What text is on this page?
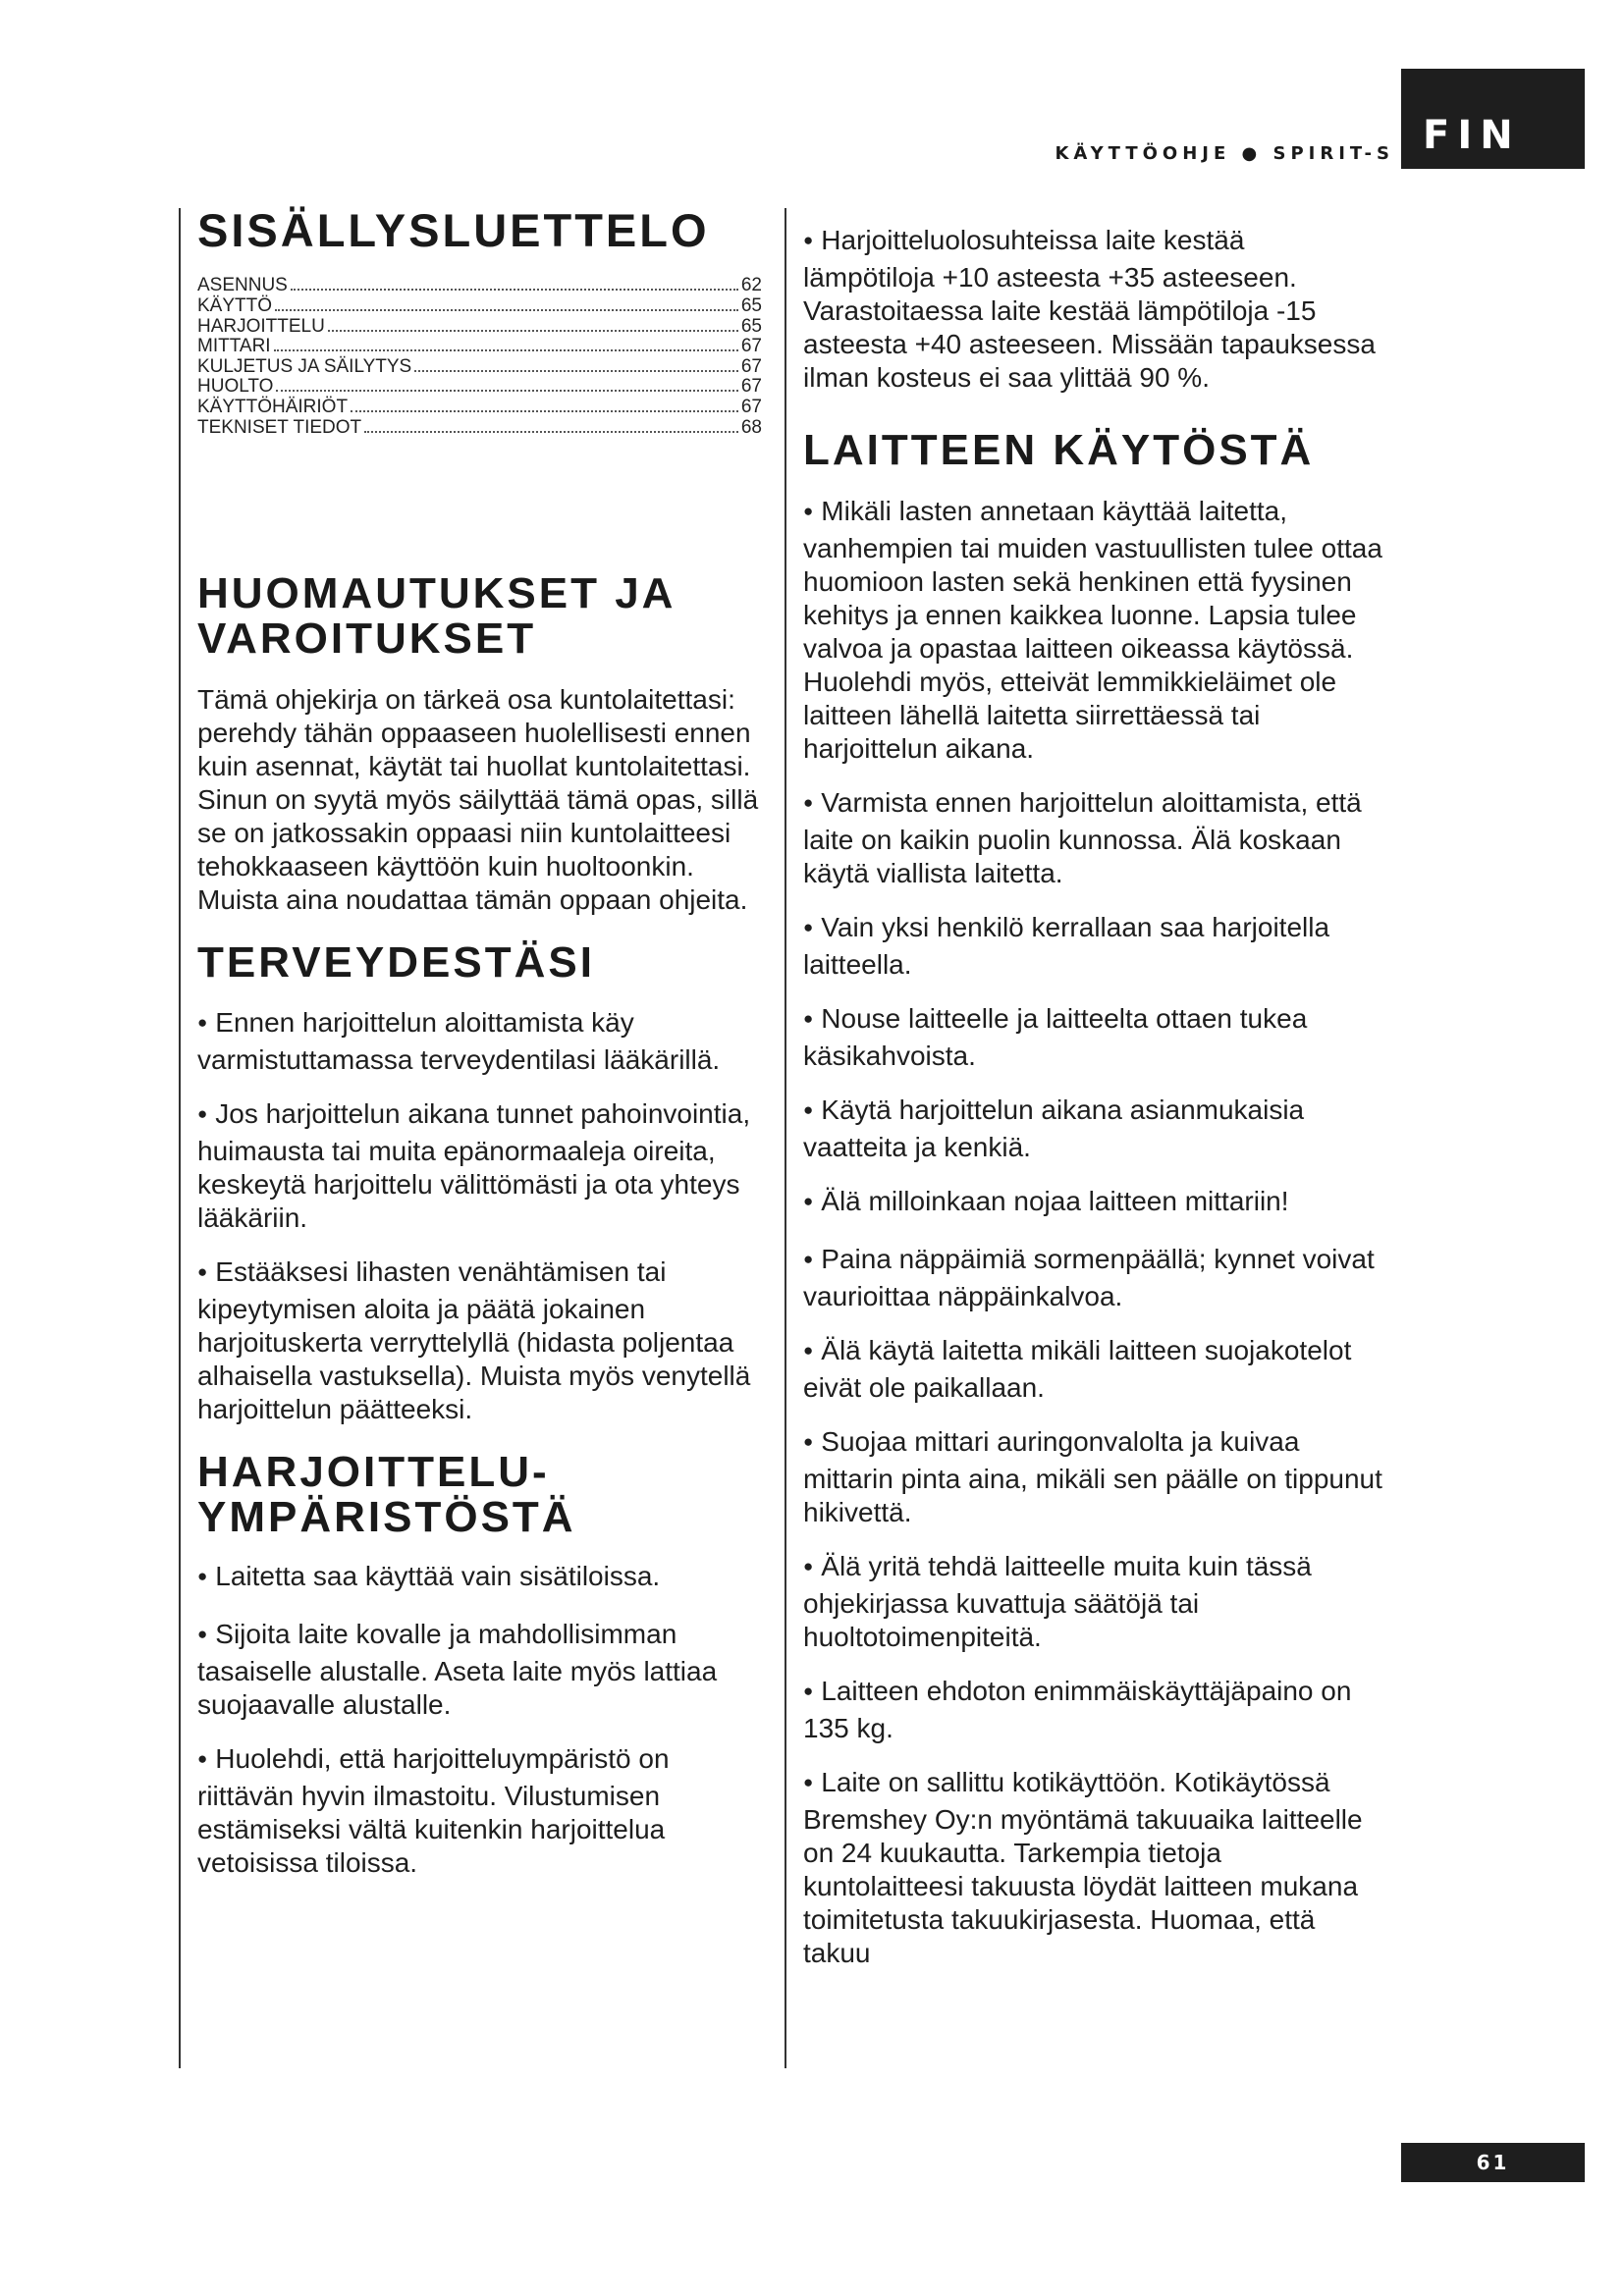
KÄYTTÖOHJE ● SPIRIT-S FIN
SISÄLLYSLUETTELO
ASENNUS	62
KÄYTTÖ	65
HARJOITTELU	65
MITTARI	67
KULJETUS JA SÄILYTYS	67
HUOLTO	67
KÄYTTÖHÄIRIÖT	67
TEKNISET TIEDOT	68
HUOMAUTUKSET JA
VAROITUKSET

Tämä ohjekirja on tärkeä osa kuntolaitettasi: perehdy tähän oppaaseen huolellisesti ennen kuin asennat, käytät tai huollat kuntolaitettasi. Sinun on syytä myös säilyttää tämä opas, sillä se on jatkossakin oppaasi niin kuntolaitteesi tehokkaaseen käyttöön kuin huoltoonkin. Muista aina noudattaa tämän oppaan ohjeita.

TERVEYDESTÄSI
● Ennen harjoittelun aloittamista käy varmistuttamassa terveydentilasi lääkärillä.
● Jos harjoittelun aikana tunnet pahoinvointia, huimausta tai muita epänormaaleja oireita, keskeytä harjoittelu välittömästi ja ota yhteys lääkäriin.
● Estääksesi lihasten venähtämisen tai kipeytymisen aloita ja päätä jokainen harjoituskerta verryttelyllä (hidasta poljentaa alhaisella vastuksella). Muista myös venytellä harjoittelun päätteeksi.
HARJOITTELU-
YMPÄRISTÖSTÄ
● Laitetta saa käyttää vain sisätiloissa.
● Sijoita laite kovalle ja mahdollisimman tasaiselle alustalle. Aseta laite myös lattiaa suojaavalle alustalle.
● Huolehdi, että harjoitteluympäristö on riittävän hyvin ilmastoitu. Vilustumisen estämiseksi vältä kuitenkin harjoittelua vetoisissa tiloissa.
● Harjoitteluolosuhteissa laite kestää lämpötiloja +10 asteesta +35 asteeseen. Varastoitaessa laite kestää lämpötiloja -15 asteesta +40 asteeseen. Missään tapauksessa ilman kosteus ei saa ylittää 90 %.
LAITTEEN KÄYTÖSTÄ
● Mikäli lasten annetaan käyttää laitetta, vanhempien tai muiden vastuullisten tulee ottaa huomioon lasten sekä henkinen että fyysinen kehitys ja ennen kaikkea luonne. Lapsia tulee valvoa ja opastaa laitteen oikeassa käytössä. Huolehdi myös, etteivät lemmikkieläimet ole laitteen lähellä laitetta siirrettäessä tai harjoittelun aikana.
● Varmista ennen harjoittelun aloittamista, että laite on kaikin puolin kunnossa. Älä koskaan käytä viallista laitetta.
● Vain yksi henkilö kerrallaan saa harjoitella laitteella.
● Nouse laitteelle ja laitteelta ottaen tukea käsikahvoista.
● Käytä harjoittelun aikana asianmukaisia vaatteita ja kenkiä.
● Älä milloinkaan nojaa laitteen mittariin!
● Paina näppäimiä sormenpäällä; kynnet voivat vaurioittaa näppäinkalvoa.
● Älä käytä laitetta mikäli laitteen suojakotelot eivät ole paikallaan.
● Suojaa mittari auringonvalolta ja kuivaa mittarin pinta aina, mikäli sen päälle on tippunut hikivettä.
● Älä yritä tehdä laitteelle muita kuin tässä ohjekirjassa kuvattuja säätöjä tai huoltotoimenpiteitä.
● Laitteen ehdoton enimmäiskäyttäjäpaino on 135 kg.
● Laite on sallittu kotikäyttöön. Kotikäytössä Bremshey Oy:n myöntämä takuuaika laitteelle on 24 kuukautta. Tarkempia tietoja kuntolaitteesi takuusta löydät laitteen mukana toimitetusta takuukirjasesta. Huomaa, että takuu
61
